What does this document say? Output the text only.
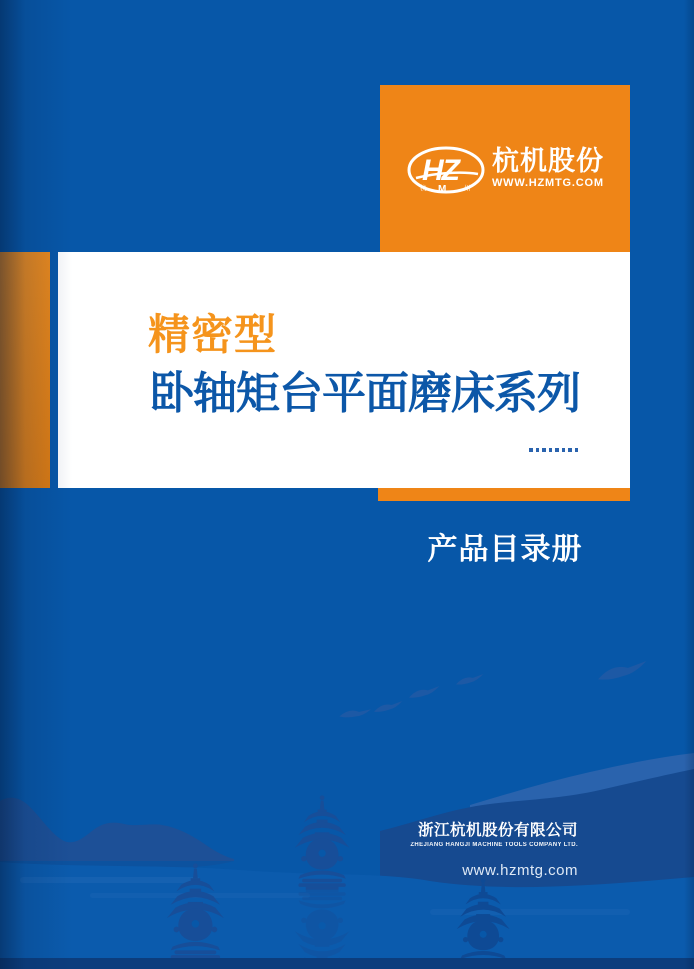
HZ
杭 M	州
杭机股份
WWW.HZMTG.COM
精密型
卧轴矩台平面磨床系列
产品目录册
浙江杭机股份有限公司
ZHEJIANG HANGJI MACHINE TOOLS COMPANY LTD.
www.hzmtg.com
